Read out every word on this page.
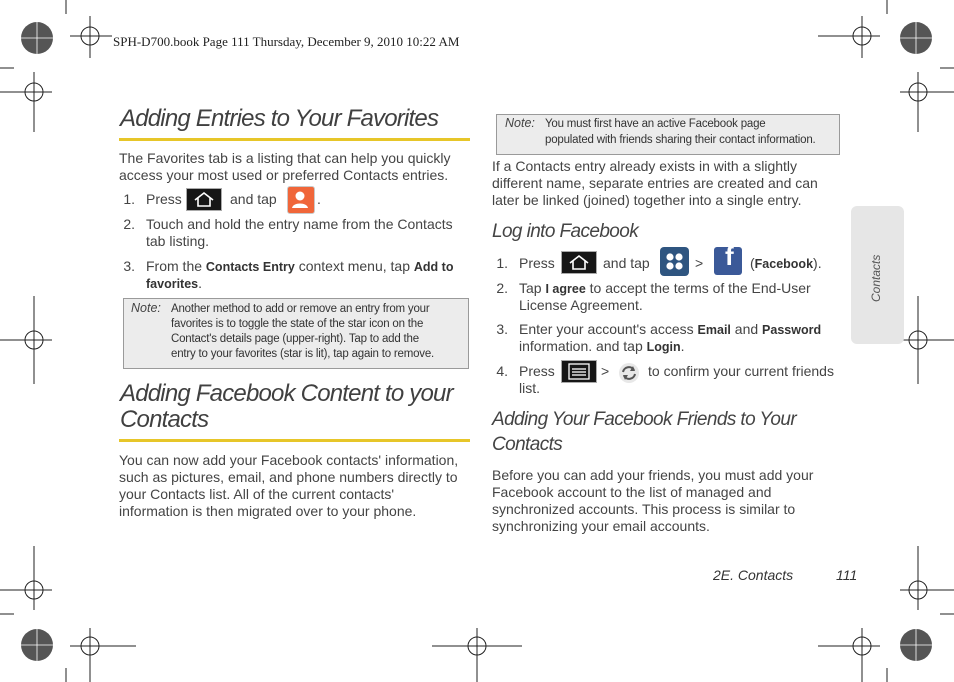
SPH-D700.book Page 111 Thursday, December 9, 2010 10:22 AM
Adding Entries to Your Favorites

The Favorites tab is a listing that can help you quickly

access your most used or preferred Contacts entries.

1. Press	and tap	.
2. Touch and hold the entry name from the Contacts
tab listing.
3. From the Contacts Entry context menu, tap Add to
favorites.
Note: Another method to add or remove an entry from your
favorites is to toggle the state of the star icon on the
Contact's details page (upper-right). Tap to add the
entry to your favorites (star is lit), tap again to remove.
Adding Facebook Content to your
Contacts

You can now add your Facebook contacts' information,

such as pictures, email, and phone numbers directly to

your Contacts list. All of the current contacts'

information is then migrated over to your phone.

Note: You must first have an active Facebook page
populated with friends sharing their contact information.

If a Contacts entry already exists in with a slightly

different name, separate entries are created and can

later be linked (joined) together into a single entry.

Log into Facebook
1. Press	and tap	> f (Facebook).
2. Tap I agree to accept the terms of the End-User
License Agreement.
3. Enter your account's access Email and Password
information. and tap Login.
4. Press	>	to confirm your current friends
list.
Adding Your Facebook Friends to Your
Contacts

Before you can add your friends, you must add your

Facebook account to the list of managed and

synchronized accounts. This process is similar to

synchronizing your email accounts.

Contacts
2E. Contacts	111
